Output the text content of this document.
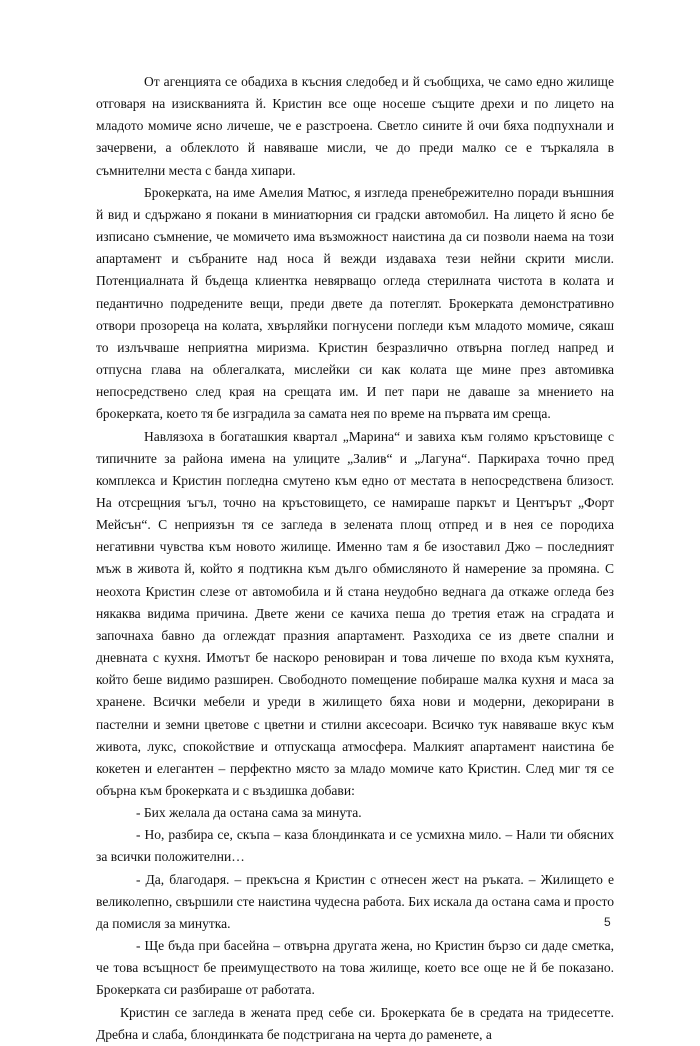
От агенцията се обадиха в късния следобед и й съобщиха, че само едно жилище отговаря на изискванията й. Кристин все още носеше същите дрехи и по лицето на младото момиче ясно личеше, че е разстроена. Светло сините й очи бяха подпухнали и зачервени, а облеклото й навяваше мисли, че до преди малко се е търкаляла в съмнителни места с банда хипари.

Брокерката, на име Амелия Матюс, я изгледа пренебрежително поради външния й вид и сдържано я покани в миниатюрния си градски автомобил. На лицето й ясно бе изписано съмнение, че момичето има възможност наистина да си позволи наема на този апартамент и събраните над носа й вежди издаваха тези нейни скрити мисли. Потенциалната й бъдеща клиентка невярващо огледа стерилната чистота в колата и педантично подредените вещи, преди двете да потеглят. Брокерката демонстративно отвори прозореца на колата, хвърляйки погнусени погледи към младото момиче, сякаш то излъчваше неприятна миризма. Кристин безразлично отвърна поглед напред и отпусна глава на облегалката, мислейки си как колата ще мине през автомивка непосредствено след края на срещата им. И пет пари не даваше за мнението на брокерката, което тя бе изградила за самата нея по време на първата им среща.

Навлязоха в богаташкия квартал „Марина“ и завиха към голямо кръстовище с типичните за района имена на улиците „Залив“ и „Лагуна“. Паркираха точно пред комплекса и Кристин погледна смутено към едно от местата в непосредствена близост. На отсрещния ъгъл, точно на кръстовището, се намираше паркът и Центърът „Форт Мейсън“. С неприязън тя се загледа в зелената площ отпред и в нея се породиха негативни чувства към новото жилище. Именно там я бе изоставил Джо – последният мъж в живота й, който я подтикна към дълго обмисляното й намерение за промяна. С неохота Кристин слезе от автомобила и й стана неудобно веднага да откаже огледа без някаква видима причина. Двете жени се качиха пеша до третия етаж на сградата и започнаха бавно да оглеждат празния апартамент. Разходиха се из двете спални и дневната с кухня. Имотът бе наскоро реновиран и това личеше по входа към кухнята, който беше видимо разширен. Свободното помещение побираше малка кухня и маса за хранене. Всички мебели и уреди в жилището бяха нови и модерни, декорирани в пастелни и земни цветове с цветни и стилни аксесоари. Всичко тук навяваше вкус към живота, лукс, спокойствие и отпускаща атмосфера. Малкият апартамент наистина бе кокетен и елегантен – перфектно място за младо момиче като Кристин. След миг тя се обърна към брокерката и с въздишка добави:

- Бих желала да остана сама за минута.

- Но, разбира се, скъпа – каза блондинката и се усмихна мило. – Нали ти обясних за всички положителни…

- Да, благодаря. – прекъсна я Кристин с отнесен жест на ръката. – Жилището е великолепно, свършили сте наистина чудесна работа. Бих искала да остана сама и просто да помисля за минутка.

- Ще бъда при басейна – отвърна другата жена, но Кристин бързо си даде сметка, че това всъщност бе преимуществото на това жилище, което все още не й бе показано. Брокерката си разбираше от работата.

Кристин се загледа в жената пред себе си. Брокерката бе в средата на тридесетте. Дребна и слаба, блондинката бе подстригана на черта до раменете, а

5
